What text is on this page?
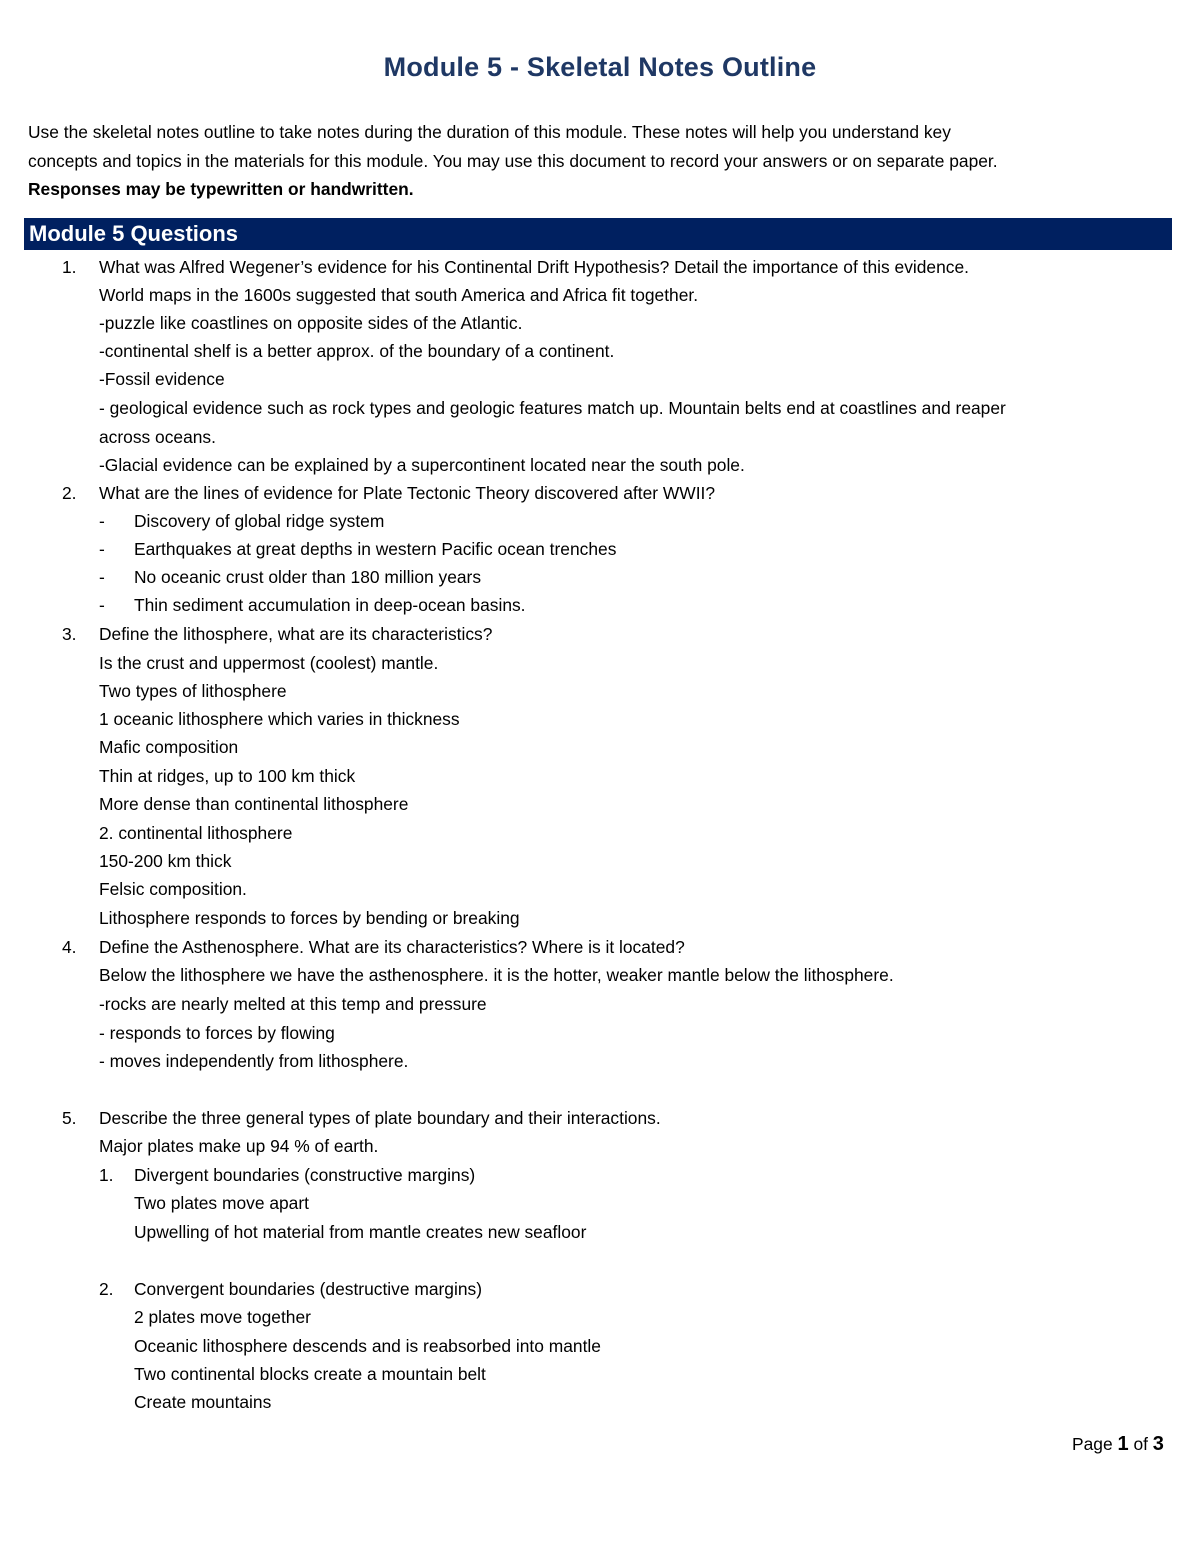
Module 5 - Skeletal Notes Outline
Use the skeletal notes outline to take notes during the duration of this module. These notes will help you understand key
concepts and topics in the materials for this module. You may use this document to record your answers or on separate paper.
Responses may be typewritten or handwritten.
Module 5 Questions
1. What was Alfred Wegener’s evidence for his Continental Drift Hypothesis? Detail the importance of this evidence.
World maps in the 1600s suggested that south America and Africa fit together.
-puzzle like coastlines on opposite sides of the Atlantic.
-continental shelf is a better approx. of the boundary of a continent.
-Fossil evidence
- geological evidence such as rock types and geologic features match up. Mountain belts end at coastlines and reaper
across oceans.
-Glacial evidence can be explained by a supercontinent located near the south pole.
2. What are the lines of evidence for Plate Tectonic Theory discovered after WWII?
- Discovery of global ridge system
- Earthquakes at great depths in western Pacific ocean trenches
- No oceanic crust older than 180 million years
- Thin sediment accumulation in deep-ocean basins.
3. Define the lithosphere, what are its characteristics?
Is the crust and uppermost (coolest) mantle.
Two types of lithosphere
1 oceanic lithosphere which varies in thickness
Mafic composition
Thin at ridges, up to 100 km thick
More dense than continental lithosphere
2. continental lithosphere
150-200 km thick
Felsic composition.
Lithosphere responds to forces by bending or breaking
4. Define the Asthenosphere. What are its characteristics? Where is it located?
Below the lithosphere we have the asthenosphere. it is the hotter, weaker mantle below the lithosphere.
-rocks are nearly melted at this temp and pressure
- responds to forces by flowing
- moves independently from lithosphere.
5. Describe the three general types of plate boundary and their interactions.
Major plates make up 94 % of earth.
1. Divergent boundaries (constructive margins)
Two plates move apart
Upwelling of hot material from mantle creates new seafloor
2. Convergent boundaries (destructive margins)
2 plates move together
Oceanic lithosphere descends and is reabsorbed into mantle
Two continental blocks create a mountain belt
Create mountains
Page 1 of 3
